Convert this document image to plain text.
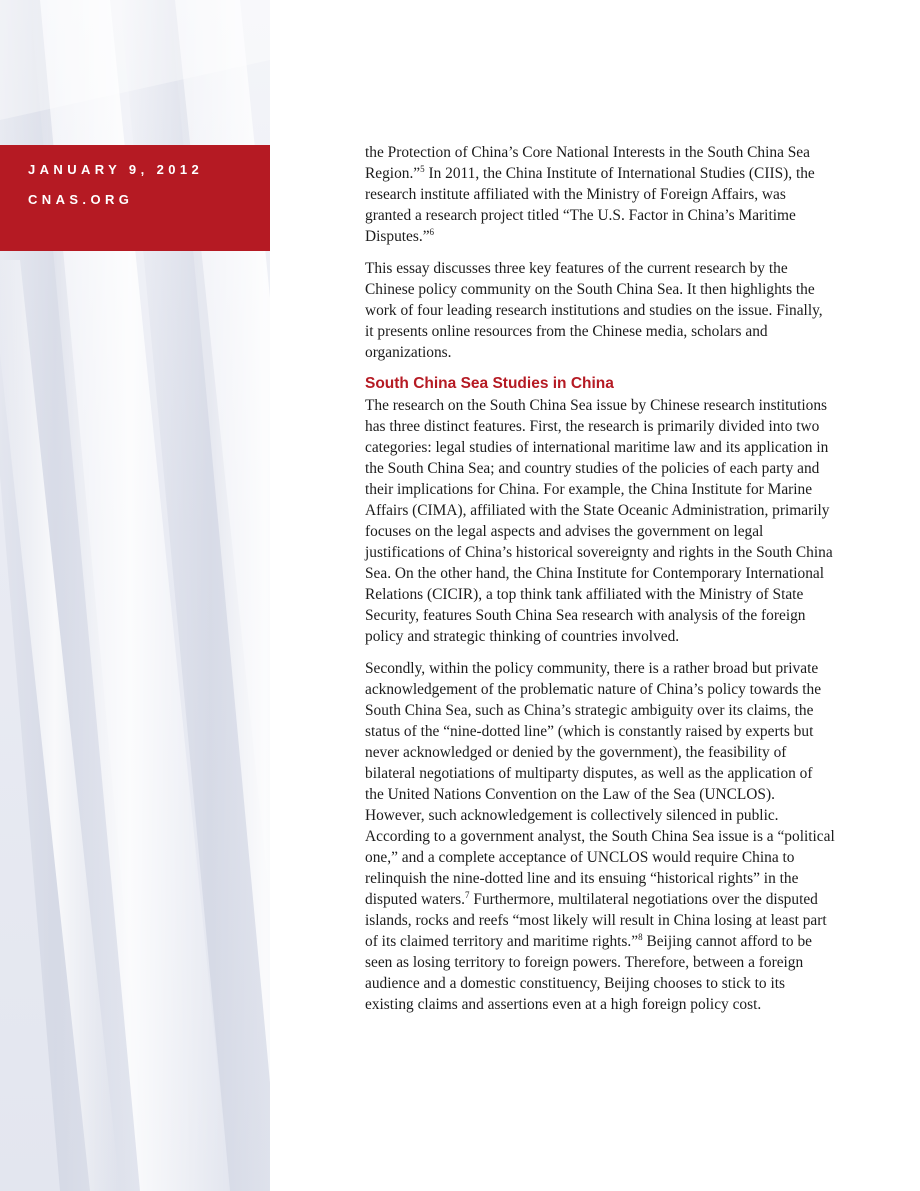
JANUARY 9, 2012

CNAS.ORG

the Protection of China’s Core National Interests in the South China Sea Region.”$^5$ In 2011, the China Institute of International Studies (CIIS), the research institute affiliated with the Ministry of Foreign Affairs, was granted a research project titled “The U.S. Factor in China’s Maritime Disputes.”$^6$

This essay discusses three key features of the current research by the Chinese policy community on the South China Sea. It then highlights the work of four leading research institutions and studies on the issue. Finally, it presents online resources from the Chinese media, scholars and organizations.

South China Sea Studies in China

The research on the South China Sea issue by Chinese research institutions has three distinct features. First, the research is primarily divided into two categories: legal studies of international maritime law and its application in the South China Sea; and country studies of the policies of each party and their implications for China. For example, the China Institute for Marine Affairs (CIMA), affiliated with the State Oceanic Administration, primarily focuses on the legal aspects and advises the government on legal justifications of China’s historical sovereignty and rights in the South China Sea. On the other hand, the China Institute for Contemporary International Relations (CICIR), a top think tank affiliated with the Ministry of State Security, features South China Sea research with analysis of the foreign policy and strategic thinking of countries involved.

Secondly, within the policy community, there is a rather broad but private acknowledgement of the problematic nature of China’s policy towards the South China Sea, such as China’s strategic ambiguity over its claims, the status of the “nine-dotted line” (which is constantly raised by experts but never acknowledged or denied by the government), the feasibility of bilateral negotiations of multiparty disputes, as well as the application of the United Nations Convention on the Law of the Sea (UNCLOS). However, such acknowledgement is collectively silenced in public. According to a government analyst, the South China Sea issue is a “political one,” and a complete acceptance of UNCLOS would require China to relinquish the nine-dotted line and its ensuing “historical rights” in the disputed waters.$^7$ Furthermore, multilateral negotiations over the disputed islands, rocks and reefs “most likely will result in China losing at least part of its claimed territory and maritime rights.”$^8$ Beijing cannot afford to be seen as losing territory to foreign powers. Therefore, between a foreign audience and a domestic constituency, Beijing chooses to stick to its existing claims and assertions even at a high foreign policy cost.
